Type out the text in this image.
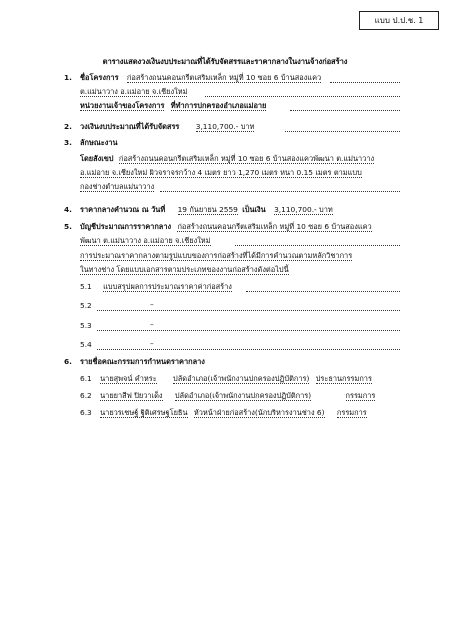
แบบ ป.ป.ช. 1
ตารางแสดงวงเงินงบประมาณที่ได้รับจัดสรรและราคากลางในงานจ้างก่อสร้าง
1. ชื่อโครงการ ก่อสร้างถนนคอนกรีตเสริมเหล็ก หมู่ที่ 10 ซอย 6 บ้านสองแคว
ต.แม่นาวาง อ.แม่อาย จ.เชียงใหม่
หน่วยงานเจ้าของโครงการ ที่ทำการปกครองอำเภอแม่อาย
2. วงเงินงบประมาณที่ได้รับจัดสรร 3,110,700.- บาท
3. ลักษณะงาน
โดยสังเขป ก่อสร้างถนนคอนกรีตเสริมเหล็ก หมู่ที่ 10 ซอย 6 บ้านสองแควพัฒนา ต.แม่นาวาง
อ.แม่อาย จ.เชียงใหม่ ผิวจราจรกว้าง 4 เมตร ยาว 1,270 เมตร หนา 0.15 เมตร ตามแบบ
กองช่างตำบลแม่นาวาง
4. ราคากลางคำนวณ ณ วันที่ 19 กันยายน 2559 เป็นเงิน 3,110,700.- บาท
5. บัญชีประมาณการราคากลาง ก่อสร้างถนนคอนกรีตเสริมเหล็ก หมู่ที่ 10 ซอย 6 บ้านสองแคว
พัฒนา ต.แม่นาวาง อ.แม่อาย จ.เชียงใหม่
การประมาณราคากลางตามรูปแบบของการก่อสร้างที่ได้มีการคำนวณตามหลักวิชาการ
ในทางช่าง โดยแบบเอกสารตามประเภทของงานก่อสร้างดังต่อไปนี้
5.1 แบบสรุปผลการประมาณราคาค่าก่อสร้าง
5.2	–
5.3	–
5.4	–
6. รายชื่อคณะกรรมการกำหนดราคากลาง
6.1 นายสุพจน์ คำหระ ปลัดอำเภอ(เจ้าพนักงานปกครองปฏิบัติการ) ประธานกรรมการ
6.2 นายยาสีฟ ปิยวาเด็ง ปลัดอำเภอ(เจ้าพนักงานปกครองปฏิบัติการ)	กรรมการ
6.3 นายวรเชษฐ์ ฐิติเศรษฐโยธิน หัวหน้าฝ่ายก่อสร้าง(นักบริหารงานช่าง 6) กรรมการ
